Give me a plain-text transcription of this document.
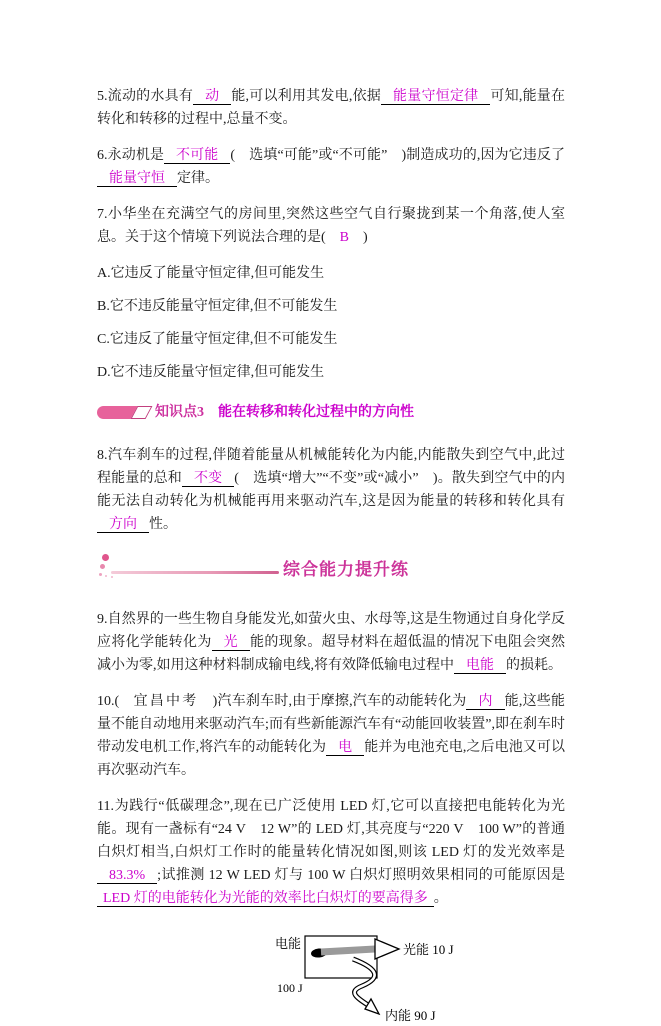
5.流动的水具有 动 能,可以利用其发电,依据 能量守恒定律 可知,能量在转化和转移的过程中,总量不变。

6.永动机是 不可能 (　选填“可能”或“不可能”　)制造成功的,因为它违反了能量守恒 定律。

7.小华坐在充满空气的房间里,突然这些空气自行聚拢到某一个角落,使人室息。关于这个情境下列说法合理的是(　B　)

A.它违反了能量守恒定律,但可能发生

B.它不违反能量守恒定律,但不可能发生

C.它违反了能量守恒定律,但不可能发生

D.它不违反能量守恒定律,但可能发生

知识点3 能在转移和转化过程中的方向性

8.汽车刹车的过程,伴随着能量从机械能转化为内能,内能散失到空气中,此过程能量的总和 不变 (　选填“增大”“不变”或“减小”　)。散失到空气中的内能无法自动转化为机械能再用来驱动汽车,这是因为能量的转移和转化具有方向 性。

综合能力提升练

9.自然界的一些生物自身能发光,如萤火虫、水母等,这是生物通过自身化学反应将化学能转化为 光 能的现象。超导材料在超低温的情况下电阻会突然减小为零,如用这种材料制成输电线,将有效降低输电过程中 电能 的损耗。

10.(　宜昌中考　)汽车刹车时,由于摩擦,汽车的动能转化为 内 能,这些能量不能自动地用来驱动汽车;而有些新能源汽车有“动能回收装置”,即在刹车时带动发电机工作,将汽车的动能转化为 电 能并为电池充电,之后电池又可以再次驱动汽车。

11.为践行“低碳理念”,现在已广泛使用 LED 灯,它可以直接把电能转化为光能。现有一盏标有“24 V　12 W”的 LED 灯,其亮度与“220 V　100 W”的普通白炽灯相当,白炽灯工作时的能量转化情况如图,则该 LED 灯的发光效率是83.3% ;试推测 12 W LED 灯与 100 W 白炽灯照明效果相同的可能原因是LED 灯的电能转化为光能的效率比白炽灯的要高得多 。

电能
100 J
光能 10 J
内能 90 J
